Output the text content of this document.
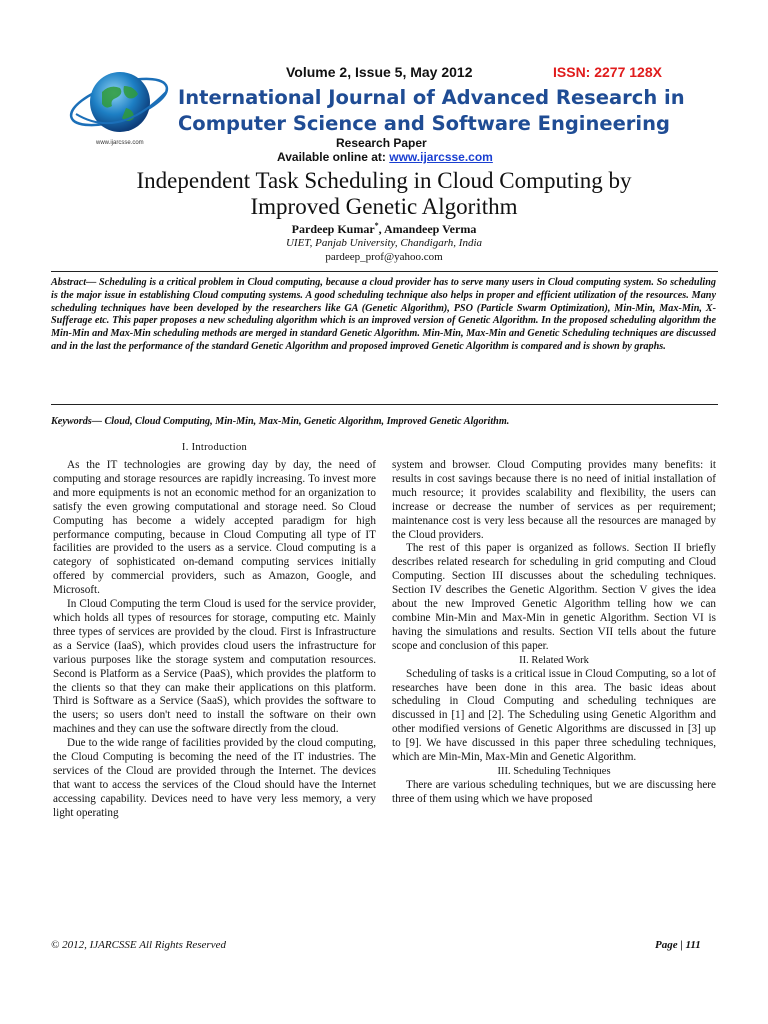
www.ijarcsse.com
Volume 2, Issue 5, May 2012	ISSN: 2277 128X
International Journal of Advanced Research in
Computer Science and Software Engineering
Research Paper
Available online at: www.ijarcsse.com
Independent Task Scheduling in Cloud Computing by
Improved Genetic Algorithm
Pardeep Kumar*, Amandeep Verma
UIET, Panjab University, Chandigarh, India
pardeep_prof@yahoo.com
Abstract— Scheduling is a critical problem in Cloud computing, because a cloud provider has to serve many users in Cloud computing system. So scheduling is the major issue in establishing Cloud computing systems. A good scheduling technique also helps in proper and efficient utilization of the resources. Many scheduling techniques have been developed by the researchers like GA (Genetic Algorithm), PSO (Particle Swarm Optimization), Min-Min, Max-Min, X-Sufferage etc. This paper proposes a new scheduling algorithm which is an improved version of Genetic Algorithm. In the proposed scheduling algorithm the Min-Min and Max-Min scheduling methods are merged in standard Genetic Algorithm. Min-Min, Max-Min and Genetic Scheduling techniques are discussed and in the last the performance of the standard Genetic Algorithm and proposed improved Genetic Algorithm is compared and is shown by graphs.
Keywords— Cloud, Cloud Computing, Min-Min, Max-Min, Genetic Algorithm, Improved Genetic Algorithm.
I. Introduction

As the IT technologies are growing day by day, the need of computing and storage resources are rapidly increasing. To invest more and more equipments is not an economic method for an organization to satisfy the even growing computational and storage need. So Cloud Computing has become a widely accepted paradigm for high performance computing, because in Cloud Computing all type of IT facilities are provided to the users as a service. Cloud computing is a category of sophisticated on-demand computing services initially offered by commercial providers, such as Amazon, Google, and Microsoft.

In Cloud Computing the term Cloud is used for the service provider, which holds all types of resources for storage, computing etc. Mainly three types of services are provided by the cloud. First is Infrastructure as a Service (IaaS), which provides cloud users the infrastructure for various purposes like the storage system and computation resources. Second is Platform as a Service (PaaS), which provides the platform to the clients so that they can make their applications on this platform. Third is Software as a Service (SaaS), which provides the software to the users; so users don't need to install the software on their own machines and they can use the software directly from the cloud.

Due to the wide range of facilities provided by the cloud computing, the Cloud Computing is becoming the need of the IT industries. The services of the Cloud are provided through the Internet. The devices that want to access the services of the Cloud should have the Internet accessing capability. Devices need to have very less memory, a very light operating

system and browser. Cloud Computing provides many benefits: it results in cost savings because there is no need of initial installation of much resource; it provides scalability and flexibility, the users can increase or decrease the number of services as per requirement; maintenance cost is very less because all the resources are managed by the Cloud providers.

The rest of this paper is organized as follows. Section II briefly describes related research for scheduling in grid computing and Cloud Computing. Section III discusses about the scheduling techniques. Section IV describes the Genetic Algorithm. Section V gives the idea about the new Improved Genetic Algorithm telling how we can combine Min-Min and Max-Min in genetic Algorithm. Section VI is having the simulations and results. Section VII tells about the future scope and conclusion of this paper.

II. Related Work

Scheduling of tasks is a critical issue in Cloud Computing, so a lot of researches have been done in this area. The basic ideas about scheduling in Cloud Computing and scheduling techniques are discussed in [1] and [2]. The Scheduling using Genetic Algorithm and other modified versions of Genetic Algorithms are discussed in [3] up to [9]. We have discussed in this paper three scheduling techniques, which are Min-Min, Max-Min and Genetic Algorithm.

III. Scheduling Techniques

There are various scheduling techniques, but we are discussing here three of them using which we have proposed

© 2012, IJARCSSE All Rights Reserved	Page | 111
